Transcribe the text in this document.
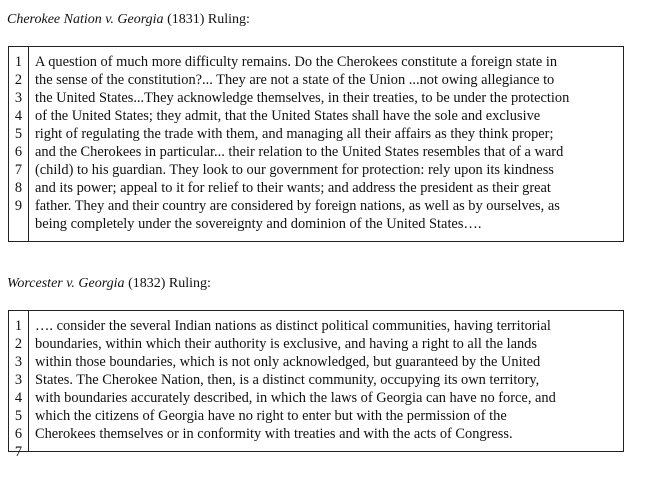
Cherokee Nation v. Georgia (1831) Ruling:
1
2
3
4
5
6
7
8
9
A question of much more difficulty remains. Do the Cherokees constitute a foreign state in
the sense of the constitution?... They are not a state of the Union ...not owing allegiance to
the United States...They acknowledge themselves, in their treaties, to be under the protection
of the United States; they admit, that the United States shall have the sole and exclusive
right of regulating the trade with them, and managing all their affairs as they think proper;
and the Cherokees in particular... their relation to the United States resembles that of a ward
(child) to his guardian. They look to our government for protection: rely upon its kindness
and its power; appeal to it for relief to their wants; and address the president as their great
father. They and their country are considered by foreign nations, as well as by ourselves, as
being completely under the sovereignty and dominion of the United States….
Worcester v. Georgia (1832) Ruling:
1
2
3
3
4
5
6
7
…. consider the several Indian nations as distinct political communities, having territorial
boundaries, within which their authority is exclusive, and having a right to all the lands
within those boundaries, which is not only acknowledged, but guaranteed by the United
States. The Cherokee Nation, then, is a distinct community, occupying its own territory,
with boundaries accurately described, in which the laws of Georgia can have no force, and
which the citizens of Georgia have no right to enter but with the permission of the
Cherokees themselves or in conformity with treaties and with the acts of Congress.
